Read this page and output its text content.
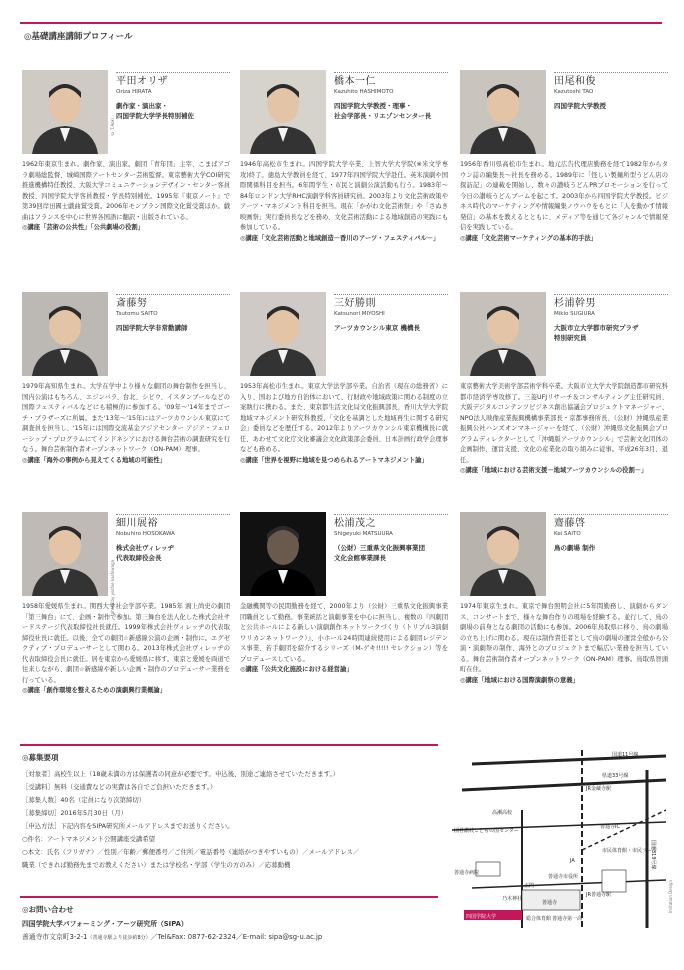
◎基礎講座講師プロフィール
© T.Aoki
平田オリザ
Oriza HIRATA
劇作家・演出家・
四国学院大学学長特別補佐
1962年東京生まれ。劇作家、演出家。劇団「青年団」主宰、こまばアゴラ劇場総監督、城崎国際アートセンター芸術監督。東京藝術大学COI研究推進機構特任教授、大阪大学コミュニケーションデザイン・センター客員教授、四国学院大学客員教授・学長特別補佐。1995年『東京ノート』で第39回岸田國士戯曲賞受賞。2006年モンブラン国際文化賞受賞ほか。戯曲はフランスを中心に世界各国語に翻訳・出版されている。
◎講座「芸術の公共性」「公共劇場の役割」
橋本一仁
Kazuhito HASHIMOTO
四国学院大学教授・理事・
社会学部長・リエゾンセンター長
1946年高松市生まれ。四国学院大学卒業、上智大学大学院(※米文学専攻)終了。徳島大学教員を経て、1977年四国学院大学赴任。英米演劇や国際関係科目を担当。6年間学生・市民と演劇公演活動も行う。1983年～84年ロンドン大学RHC演劇学科客員研究員。2003年より文化芸術政策やアーツ・マネジメント科目を担当。現在「かがわ文化芸術祭」や「さぬき映画祭」実行委員長などを務め、文化芸術活動による地域創造の実践にも参加している。
◎講座「文化芸術活動と地域創造－香川のアーツ・フェスティバル－」
田尾和俊
Kazutoshi TAO
四国学院大学教授
1956年香川県高松市生まれ。地元広告代理店勤務を経て1982年からタウン誌の編集長～社長を務める。1989年に「怪しい製麺所型うどん店の探訪記」の連載を開始し、数々の讃岐うどんPRプロモーションを行って今日の讃岐うどんブームを起こす。2003年から四国学院大学教授。ビジネス時代のマーケティングや情報編集ノウハウをもとに「人を動かす情報発信」の基本を教えるとともに、メディア等を通じて各ジャンルで情報発信を実践している。
◎講座「文化芸術マーケティングの基本的手法」
斎藤努
Tsutomu SAITO
四国学院大学非常勤講師
1979年高知県生まれ。大学在学中より様々な劇団の舞台制作を担当し、国内公演はもちろん、エジンバラ、台北、シビウ、イスタンブールなどの国際フェスティバルなどにも積極的に参加する。'09年～'14年までゴーチ・ブラザーズに所属。また'13年～'15年にはアーツカウンシル東京にて調査員を担当し、'15年には国際交流基金アジアセンター アジア・フェローシップ・プログラムにてインドネシアにおける舞台芸術の調査研究を行なう。舞台芸術制作者オープンネットワーク（ON-PAM）理事。
◎講座「海外の事例から見えてくる地域の可能性」
三好勝則
Katsunori MIYOSHI
アーツカウンシル東京 機構長
1953年高松市生まれ。東京大学法学部卒業。自治省（現在の総務省）に入り、国および地方自治体において、行財政や地域政策に関わる制度の立案執行に携わる。また、東京都生活文化局文化振興部長、香川大学大学院地域マネジメント研究科教授、「文化を基調とした地域再生に関する研究会」委員などを歴任する。2012年よりアーツカウンシル東京機構長に就任、あわせて文化庁文化審議会文化政策部会委員、日本計画行政学会理事なども務める。
◎講座「世界を視野に地域を見つめられるアートマネジメント論」
杉浦幹男
Mikio SUGIURA
大阪市立大学都市研究プラザ
特別研究員
東京藝術大学美術学部芸術学科卒業。大阪市立大学大学院創造都市研究科都市経済学専攻修了。三菱UFJリサーチ＆コンサルティング主任研究員、大阪デジタルコンテンツビジネス創出協議会プロジェクトマネージャー、NPO法人映像産業振興機構事業部長・京都事務所長、（公財）沖縄県産業振興公社ハンズオンマネージャーを経て、（公財）沖縄県文化振興会プログラムディレクターとして「沖縄版アーツカウンシル」で芸術文化団体の企画制作、運営支援、文化の産業化の取り組みに従事。平成26年3月、退任。
◎講座「地域における芸術支援－地域アーツカウンシルの役割－」
photo by yoshie kashiwaga
細川展裕
Nobuhiro HOSOKAWA
株式会社ヴィレッヂ
代表取締役会長
1958年愛媛県生まれ。関西大学社会学部卒業。1985年 鴻上尚史の劇団「第三舞台」にて、企画・制作で参加。第三舞台を法人化した株式会社サードステージ代表取締役社長就任。1999年株式会社ヴィレッヂの代表取締役社長に就任。以後、全ての劇団☆新感線公演の企画・制作に。エグゼクティブ・プロデューサーとして関わる。2013年株式会社ヴィレッヂの代表取締役会長に就任。居を東京から愛媛県に移す。東京と愛媛を両道で往来しながら、劇団☆新感線や新しい企画・制作のプロデューサー業務を行っている。
◎講座「創作環境を整えるための演劇興行業概論」
松浦茂之
Shigeyuki MATSUURA
（公財）三重県文化振興事業団
文化会館事業課長
金融機関等の民間勤務を経て、2000年より（公財）三重県文化振興事業団職員として勤務。事業統括と演劇事業を中心に担当し、複数の『四劇団と公共ホールによる新しい演劇創作ネットワークづくり（トリプル3演劇ワリカンネットワーク）』、小ホール24時間連続使用による劇団レジデンス事業、若手劇団を紹介するシリーズ（M-ゲキ!!!!! セレクション）等をプロデュースしている。
◎講座「公共文化施設における経営論」
齋藤啓
Kei SAITO
鳥の劇場 制作
1974年東京生まれ。東京で舞台照明会社に5年間勤務し、演劇からダンス、コンサートまで、様々な舞台作りの現場を経験する。並行して、鳥の劇場の前身となる劇団の活動にも参加。2006年鳥取県に移り、鳥の劇場の立ち上げに関わる。現在は制作責任者として鳥の劇場の運営全般から公演・演劇祭の制作、海外とのプロジェクトまで幅広い業務を担当している。舞台芸術制作者オープンネットワーク（ON-PAM）理事。鳥取県智頭町在住。
◎講座「地域における国際演劇祭の意義」
◎募集要項
［対象者］高校生以上（18歳未満の方は保護者の同意が必要です。申込後、別途ご連絡させていただきます。）
［受講料］無料（交通費などの実費は各自でご負担いただきます。）
［募集人数］40名（定員になり次第締切）
［募集締切］2016年5月30日（月）
［申込方法］下記内容をSIPA研究所メールアドレスまでお送りください。
○件名：アートマネジメント公開講座受講希望
○本文：氏名（フリガナ）／性別／年齢／郵便番号／ご住所／電話番号（連絡がつきやすいもの）／メールアドレス／
職業（できれば勤務先までお教えください）または学校名・学部（学生の方のみ）／応募動機
◎お問い合わせ
四国学院大学パフォーミング・アーツ研究所（SIPA）
善通寺市文京町3-2-1（善通寺駅より徒歩約8分）／Tel&Fax: 0877-62-2324／E-mail: sipa@sg-u.ac.jp
国道11号線
県道33号線
国道319号線
JR金蔵寺駅
高瀬高校
国営讃岐こどもの国センター
善通寺IC
市民体育館・市民プール
JA
善通寺市役所
JR善通寺駅
正門
善通寺病院
善通寺
総合体育館 善通寺第一高
乃木神社
四国学院大学
Imitation Design
